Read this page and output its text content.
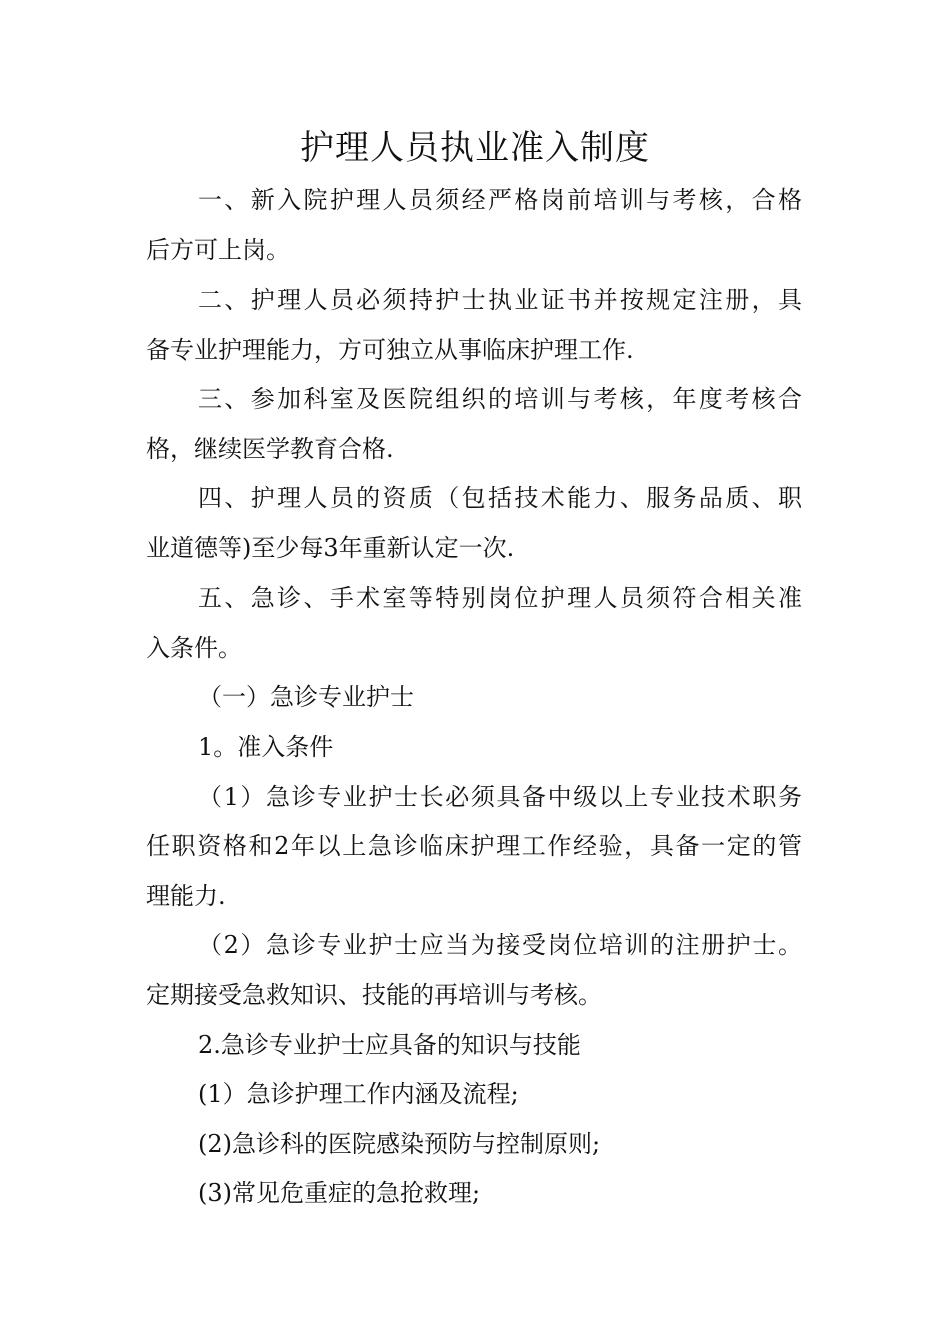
护理人员执业准入制度
一、新入院护理人员须经严格岗前培训与考核，合格
后方可上岗。
二、护理人员必须持护士执业证书并按规定注册，具
备专业护理能力，方可独立从事临床护理工作.
三、参加科室及医院组织的培训与考核，年度考核合
格，继续医学教育合格.
四、护理人员的资质（包括技术能力、服务品质、职
业道德等)至少每3年重新认定一次.
五、急诊、手术室等特别岗位护理人员须符合相关准
入条件。
（一）急诊专业护士
1。准入条件
（1）急诊专业护士长必须具备中级以上专业技术职务
任职资格和2年以上急诊临床护理工作经验，具备一定的管
理能力.
（2）急诊专业护士应当为接受岗位培训的注册护士。
定期接受急救知识、技能的再培训与考核。
2.急诊专业护士应具备的知识与技能
(1）急诊护理工作内涵及流程;
(2)急诊科的医院感染预防与控制原则;
(3)常见危重症的急抢救理;
